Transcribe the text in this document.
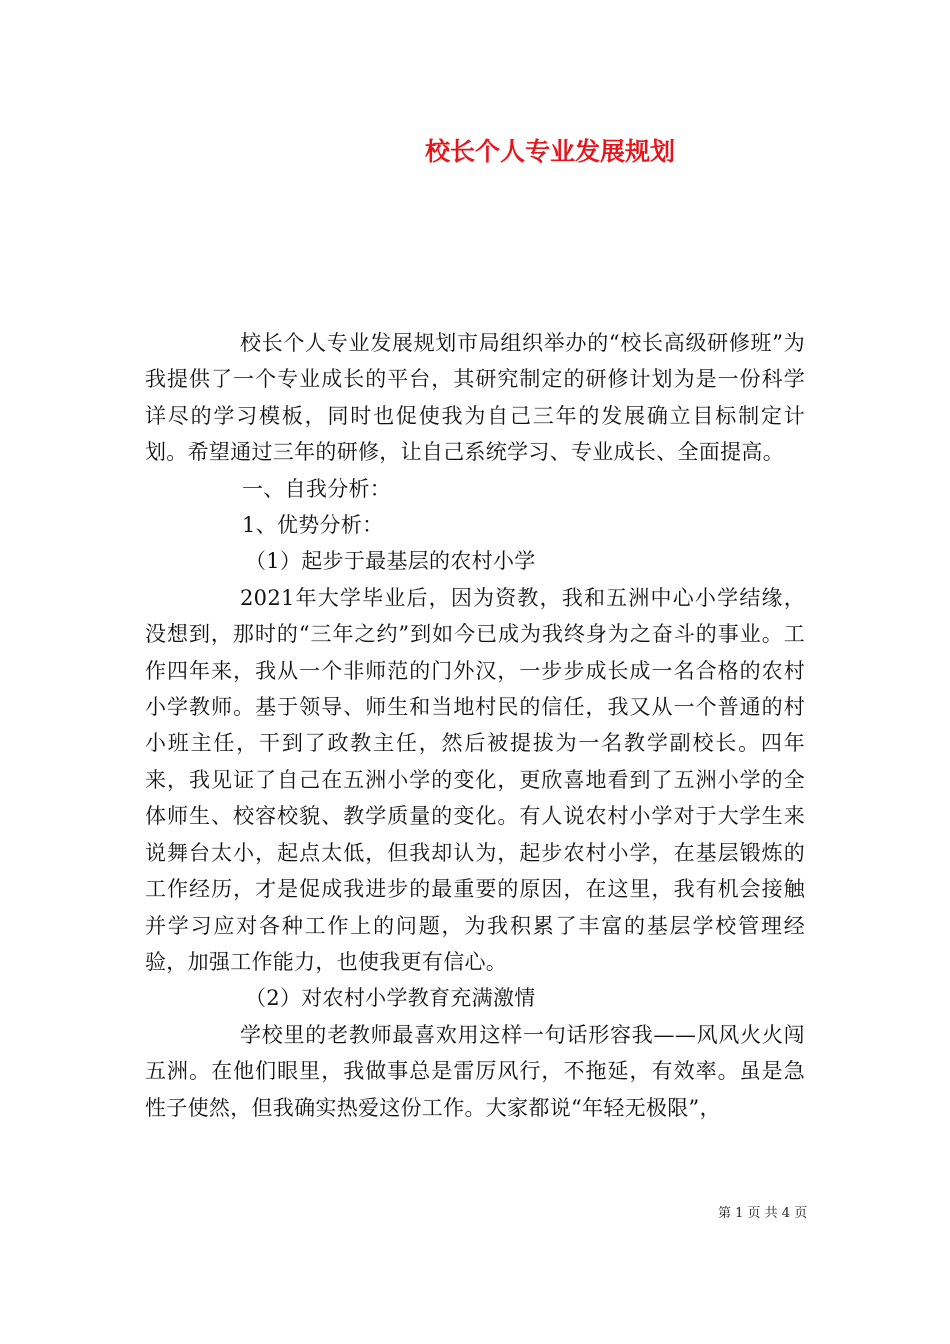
校长个人专业发展规划

校长个人专业发展规划市局组织举办的“校长高级研修班”为我提供了一个专业成长的平台，其研究制定的研修计划为是一份科学详尽的学习模板，同时也促使我为自己三年的发展确立目标制定计划。希望通过三年的研修，让自己系统学习、专业成长、全面提高。

一、自我分析：

1、优势分析：

（1）起步于最基层的农村小学

2021年大学毕业后，因为资教，我和五洲中心小学结缘，没想到，那时的“三年之约”到如今已成为我终身为之奋斗的事业。工作四年来，我从一个非师范的门外汉，一步步成长成一名合格的农村小学教师。基于领导、师生和当地村民的信任，我又从一个普通的村小班主任，干到了政教主任，然后被提拔为一名教学副校长。四年来，我见证了自己在五洲小学的变化，更欣喜地看到了五洲小学的全体师生、校容校貌、教学质量的变化。有人说农村小学对于大学生来说舞台太小，起点太低，但我却认为，起步农村小学，在基层锻炼的工作经历，才是促成我进步的最重要的原因，在这里，我有机会接触并学习应对各种工作上的问题，为我积累了丰富的基层学校管理经验，加强工作能力，也使我更有信心。

（2）对农村小学教育充满激情

学校里的老教师最喜欢用这样一句话形容我——风风火火闯五洲。在他们眼里，我做事总是雷厉风行，不拖延，有效率。虽是急性子使然，但我确实热爱这份工作。大家都说“年轻无极限”，

第 1 页 共 4 页
